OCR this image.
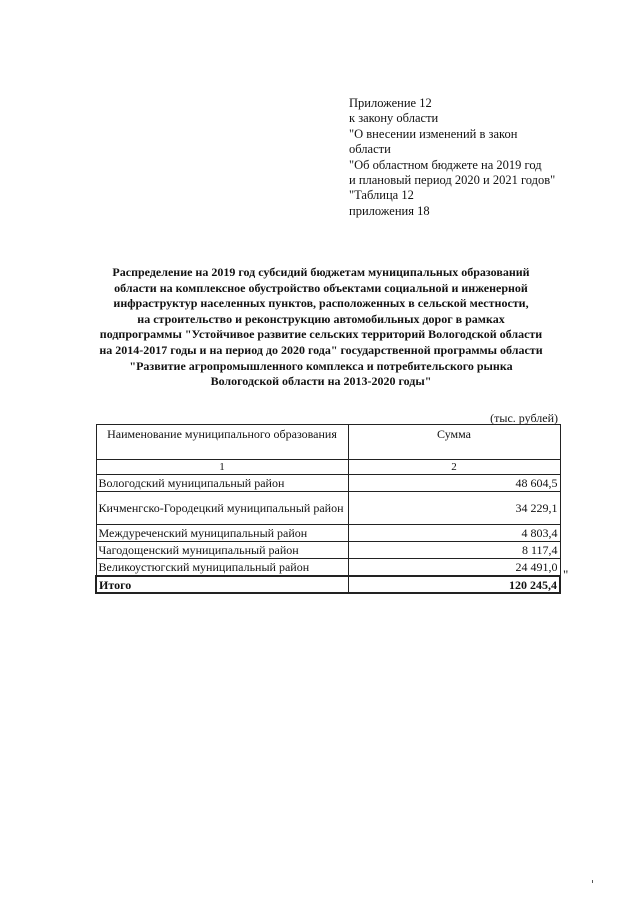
Приложение 12
к закону области
"О внесении изменений в закон
области
"Об областном бюджете на 2019 год
и плановый период 2020 и 2021 годов"
"Таблица 12
приложения 18
Распределение на 2019 год субсидий бюджетам муниципальных образований
области на комплексное обустройство объектами социальной и инженерной
инфраструктур населенных пунктов, расположенных в сельской местности,
на строительство и реконструкцию автомобильных дорог в рамках
подпрограммы "Устойчивое развитие сельских территорий Вологодской области
на 2014-2017 годы и на период до 2020 года" государственной программы области
"Развитие агропромышленного комплекса и потребительского рынка
Вологодской области на 2013-2020 годы"
(тыс. рублей)
Наименование муниципального образования	Сумма
1	2
Вологодский муниципальный район	48 604,5
Кичменгско-Городецкий муниципальный район	34 229,1
Междуреченский муниципальный район	4 803,4
Чагодощенский муниципальный район	8 117,4
Великоустюгский муниципальный район	24 491,0
Итого	120 245,4
"
